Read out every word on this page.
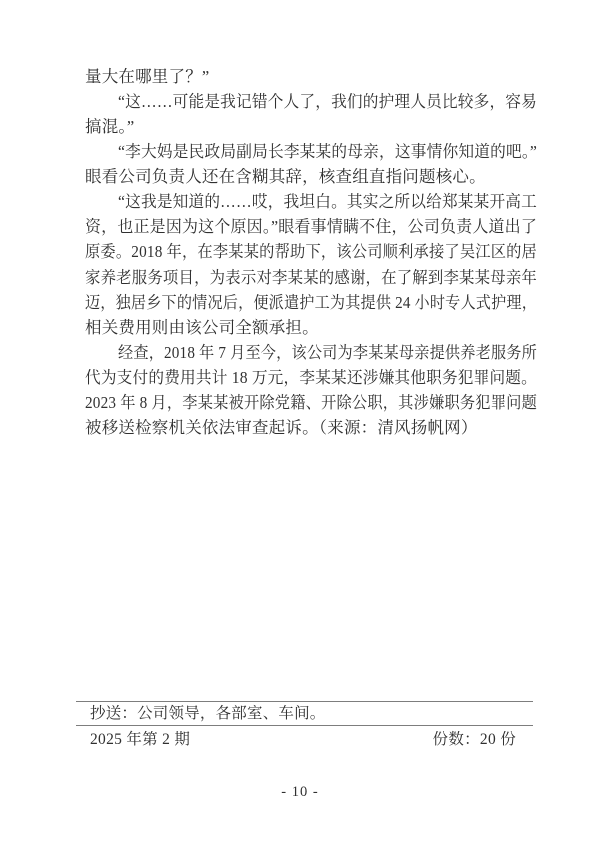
量大在哪里了？”
“这……可能是我记错个人了，我们的护理人员比较多，容易
搞混。”
“李大妈是民政局副局长李某某的母亲，这事情你知道的吧。”
眼看公司负责人还在含糊其辞，核查组直指问题核心。
“这我是知道的……哎，我坦白。其实之所以给郑某某开高工
资，也正是因为这个原因。”眼看事情瞒不住，公司负责人道出了
原委。2018 年，在李某某的帮助下，该公司顺利承接了吴江区的居
家养老服务项目，为表示对李某某的感谢，在了解到李某某母亲年
迈，独居乡下的情况后，便派遣护工为其提供 24 小时专人式护理，
相关费用则由该公司全额承担。
经查，2018 年 7 月至今，该公司为李某某母亲提供养老服务所
代为支付的费用共计 18 万元，李某某还涉嫌其他职务犯罪问题。
2023 年 8 月，李某某被开除党籍、开除公职，其涉嫌职务犯罪问题
被移送检察机关依法审查起诉。（来源：清风扬帆网）
抄送：公司领导，各部室、车间。
2025 年第 2 期	份数：20 份
- 10 -
